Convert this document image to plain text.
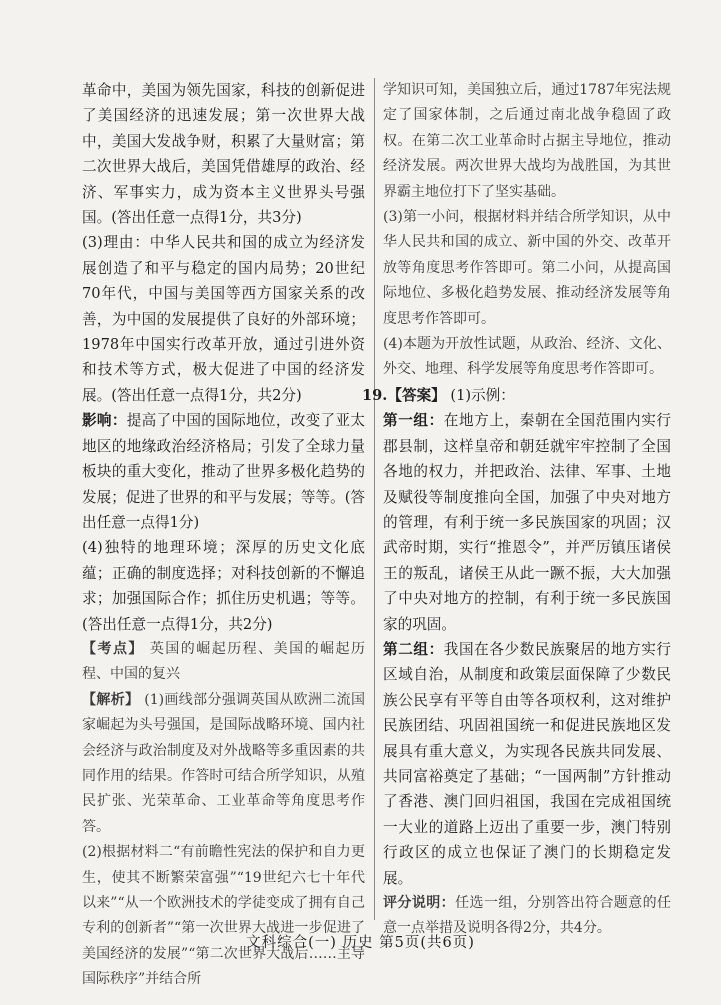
革命中，美国为领先国家，科技的创新促进了美国经济的迅速发展；第一次世界大战中，美国大发战争财，积累了大量财富；第二次世界大战后，美国凭借雄厚的政治、经济、军事实力，成为资本主义世界头号强国。(答出任意一点得1分，共3分)

(3)理由：中华人民共和国的成立为经济发展创造了和平与稳定的国内局势；20世纪70年代，中国与美国等西方国家关系的改善，为中国的发展提供了良好的外部环境；1978年中国实行改革开放，通过引进外资和技术等方式，极大促进了中国的经济发展。(答出任意一点得1分，共2分)

影响：提高了中国的国际地位，改变了亚太地区的地缘政治经济格局；引发了全球力量板块的重大变化，推动了世界多极化趋势的发展；促进了世界的和平与发展；等等。(答出任意一点得1分)

(4)独特的地理环境；深厚的历史文化底蕴；正确的制度选择；对科技创新的不懈追求；加强国际合作；抓住历史机遇；等等。(答出任意一点得1分，共2分)

【考点】 英国的崛起历程、美国的崛起历程、中国的复兴

【解析】 (1)画线部分强调英国从欧洲二流国家崛起为头号强国，是国际战略环境、国内社会经济与政治制度及对外战略等多重因素的共同作用的结果。作答时可结合所学知识，从殖民扩张、光荣革命、工业革命等角度思考作答。

(2)根据材料二“有前瞻性宪法的保护和自力更生，使其不断繁荣富强”“19世纪六七十年代以来”“从一个欧洲技术的学徒变成了拥有自己专利的创新者”“第一次世界大战进一步促进了美国经济的发展”“第二次世界大战后……主导国际秩序”并结合所

学知识可知，美国独立后，通过1787年宪法规定了国家体制，之后通过南北战争稳固了政权。在第二次工业革命时占据主导地位，推动经济发展。两次世界大战均为战胜国，为其世界霸主地位打下了坚实基础。

(3)第一小问，根据材料并结合所学知识，从中华人民共和国的成立、新中国的外交、改革开放等角度思考作答即可。第二小问，从提高国际地位、多极化趋势发展、推动经济发展等角度思考作答即可。

(4)本题为开放性试题，从政治、经济、文化、外交、地理、科学发展等角度思考作答即可。

19.【答案】 (1)示例：

第一组：在地方上，秦朝在全国范围内实行郡县制，这样皇帝和朝廷就牢牢控制了全国各地的权力，并把政治、法律、军事、土地及赋役等制度推向全国，加强了中央对地方的管理，有利于统一多民族国家的巩固；汉武帝时期，实行“推恩令”，并严厉镇压诸侯王的叛乱，诸侯王从此一蹶不振，大大加强了中央对地方的控制，有利于统一多民族国家的巩固。

第二组：我国在各少数民族聚居的地方实行区域自治，从制度和政策层面保障了少数民族公民享有平等自由等各项权利，这对维护民族团结、巩固祖国统一和促进民族地区发展具有重大意义，为实现各民族共同发展、共同富裕奠定了基础；“一国两制”方针推动了香港、澳门回归祖国，我国在完成祖国统一大业的道路上迈出了重要一步，澳门特别行政区的成立也保证了澳门的长期稳定发展。

评分说明：任选一组，分别答出符合题意的任意一点举措及说明各得2分，共4分。

文科综合(一) 历史 第5页(共6页)
